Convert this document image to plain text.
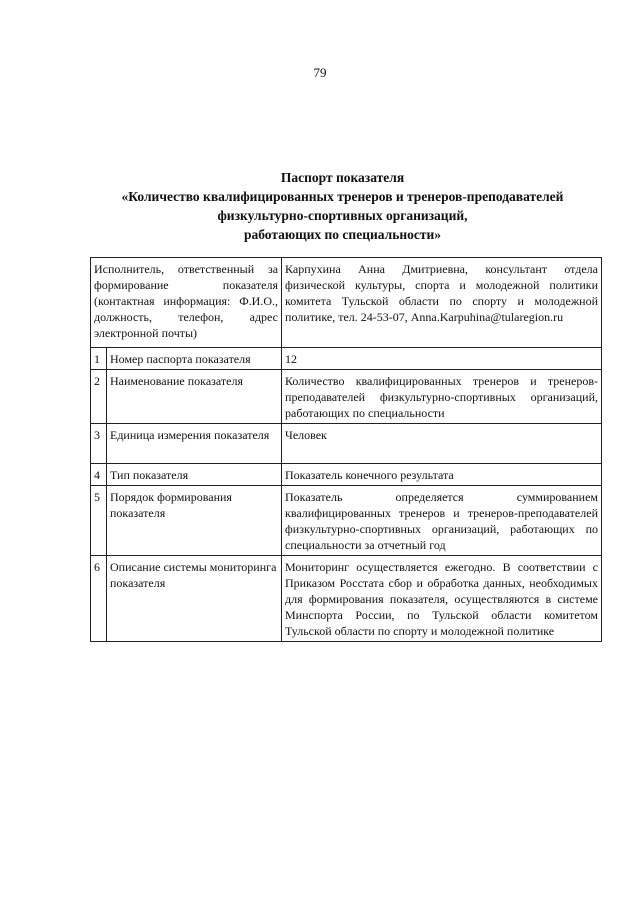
79
Паспорт показателя
«Количество квалифицированных тренеров и тренеров-преподавателей
физкультурно-спортивных организаций,
работающих по специальности»
Исполнитель, ответственный за формирование показателя (контактная информация: Ф.И.О., должность, телефон, адрес электронной почты)		Карпухина Анна Дмитриевна, консультант отдела физической культуры, спорта и молодежной политики комитета Тульской области по спорту и молодежной политике, тел. 24-53-07, Anna.Karpuhina@tularegion.ru
1	Номер паспорта показателя	12
2	Наименование показателя	Количество квалифицированных тренеров и тренеров-преподавателей физкультурно-спортивных организаций, работающих по специальности
3	Единица измерения показателя	Человек
4	Тип показателя	Показатель конечного результата
5	Порядок формирования показателя	Показатель определяется суммированием квалифицированных тренеров и тренеров-преподавателей физкультурно-спортивных организаций, работающих по специальности за отчетный год
6	Описание системы мониторинга показателя	Мониторинг осуществляется ежегодно. В соответствии с Приказом Росстата сбор и обработка данных, необходимых для формирования показателя, осуществляются в системе Минспорта России, по Тульской области комитетом Тульской области по спорту и молодежной политике
